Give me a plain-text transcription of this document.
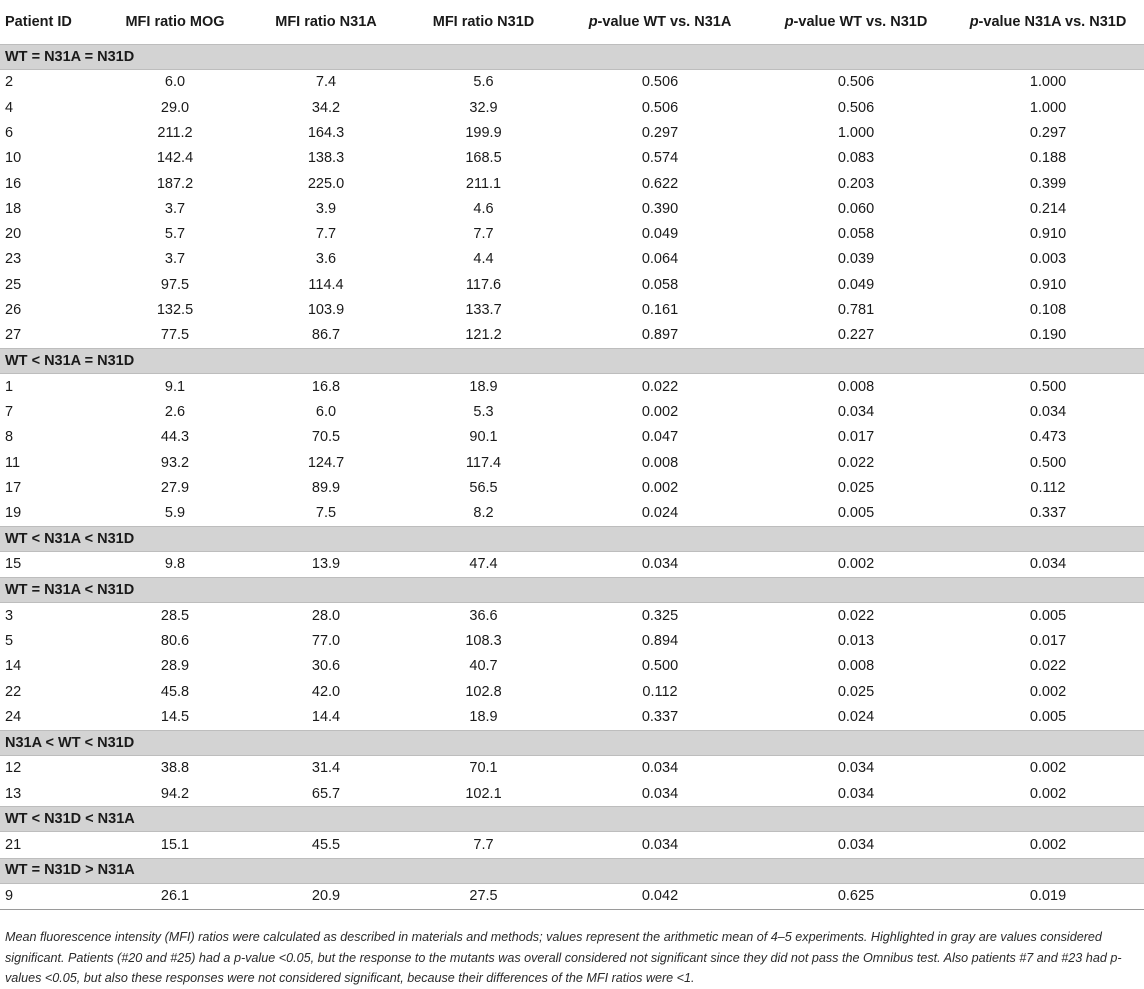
Patient ID	MFI ratio MOG	MFI ratio N31A	MFI ratio N31D	p-value WT vs. N31A	p-value WT vs. N31D	p-value N31A vs. N31D
WT = N31A = N31D						
2	6.0	7.4	5.6	0.506	0.506	1.000
4	29.0	34.2	32.9	0.506	0.506	1.000
6	211.2	164.3	199.9	0.297	1.000	0.297
10	142.4	138.3	168.5	0.574	0.083	0.188
16	187.2	225.0	211.1	0.622	0.203	0.399
18	3.7	3.9	4.6	0.390	0.060	0.214
20	5.7	7.7	7.7	0.049	0.058	0.910
23	3.7	3.6	4.4	0.064	0.039	0.003
25	97.5	114.4	117.6	0.058	0.049	0.910
26	132.5	103.9	133.7	0.161	0.781	0.108
27	77.5	86.7	121.2	0.897	0.227	0.190
WT < N31A = N31D						
1	9.1	16.8	18.9	0.022	0.008	0.500
7	2.6	6.0	5.3	0.002	0.034	0.034
8	44.3	70.5	90.1	0.047	0.017	0.473
11	93.2	124.7	117.4	0.008	0.022	0.500
17	27.9	89.9	56.5	0.002	0.025	0.112
19	5.9	7.5	8.2	0.024	0.005	0.337
WT < N31A < N31D						
15	9.8	13.9	47.4	0.034	0.002	0.034
WT = N31A < N31D						
3	28.5	28.0	36.6	0.325	0.022	0.005
5	80.6	77.0	108.3	0.894	0.013	0.017
14	28.9	30.6	40.7	0.500	0.008	0.022
22	45.8	42.0	102.8	0.112	0.025	0.002
24	14.5	14.4	18.9	0.337	0.024	0.005
N31A < WT < N31D						
12	38.8	31.4	70.1	0.034	0.034	0.002
13	94.2	65.7	102.1	0.034	0.034	0.002
WT < N31D < N31A						
21	15.1	45.5	7.7	0.034	0.034	0.002
WT = N31D > N31A						
9	26.1	20.9	27.5	0.042	0.625	0.019
Mean fluorescence intensity (MFI) ratios were calculated as described in materials and methods; values represent the arithmetic mean of 4–5 experiments. Highlighted in gray are values considered significant. Patients (#20 and #25) had a p-value <0.05, but the response to the mutants was overall considered not significant since they did not pass the Omnibus test. Also patients #7 and #23 had p-values <0.05, but also these responses were not considered significant, because their differences of the MFI ratios were <1.
